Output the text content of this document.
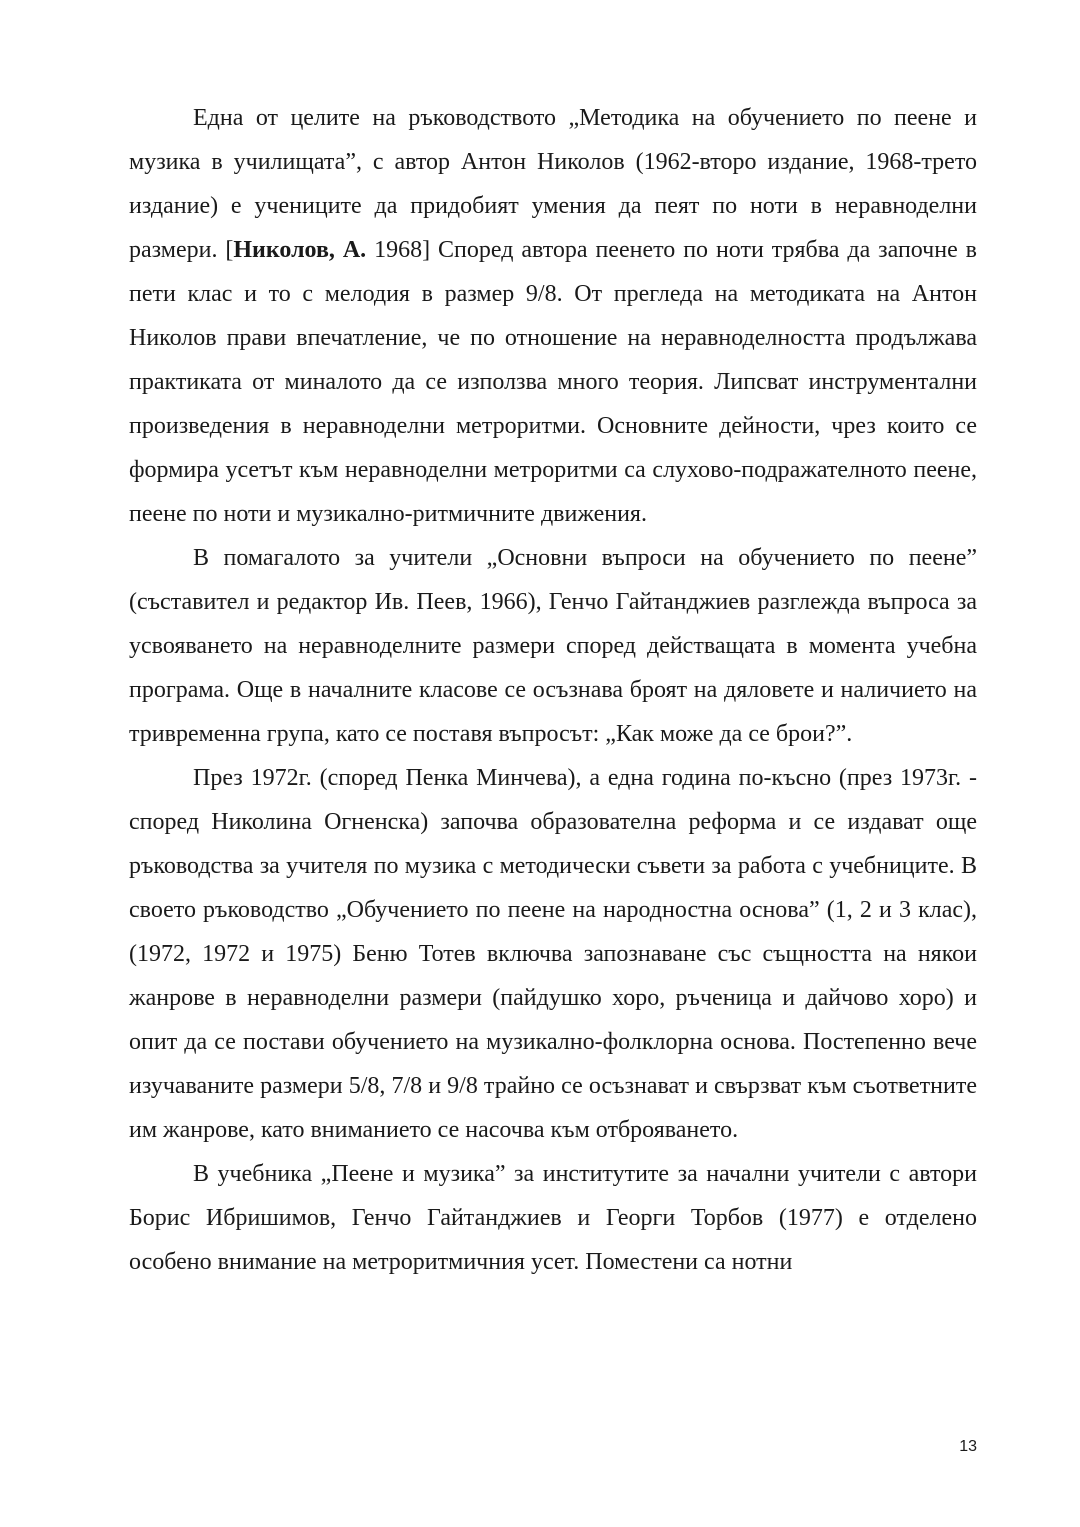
Една от целите на ръководството „Методика на обучението по пеене и музика в училищата”, с автор Антон Николов (1962-второ издание, 1968-трето издание) е учениците да придобият умения да пеят по ноти в неравноделни размери. [Николов, А. 1968] Според автора пеенето по ноти трябва да започне в пети клас и то с мелодия в размер 9/8. От прегледа на методиката на Антон Николов прави впечатление, че по отношение на неравноделността продължава практиката от миналото да се използва много теория. Липсват инструментални произведения в неравноделни метроритми. Основните дейности, чрез които се формира усетът към неравноделни метроритми са слухово-подражателното пеене, пеене по ноти и музикално-ритмичните движения.

В помагалото за учители „Основни въпроси на обучението по пеене” (съставител и редактор Ив. Пеев, 1966), Генчо Гайтанджиев разглежда въпроса за усвояването на неравноделните размери според действащата в момента учебна програма. Още в началните класове се осъзнава броят на дяловете и наличието на тривременна група, като се поставя въпросът: „Как може да се брои?”.

През 1972г. (според Пенка Минчева), а една година по-късно (през 1973г. - според Николина Огненска) започва образователна реформа и се издават още ръководства за учителя по музика с методически съвети за работа с учебниците. В своето ръководство „Обучението по пеене на народностна основа” (1, 2 и 3 клас), (1972, 1972 и 1975) Беню Тотев включва запознаване със същността на някои жанрове в неравноделни размери (пайдушко хоро, ръченица и дайчово хоро) и опит да се постави обучението на музикално-фолклорна основа. Постепенно вече изучаваните размери 5/8, 7/8 и 9/8 трайно се осъзнават и свързват към съответните им жанрове, като вниманието се насочва към отброяването.

В учебника „Пеене и музика” за институтите за начални учители с автори Борис Ибришимов, Генчо Гайтанджиев и Георги Торбов (1977) е отделено особено внимание на метроритмичния усет. Поместени са нотни

13
